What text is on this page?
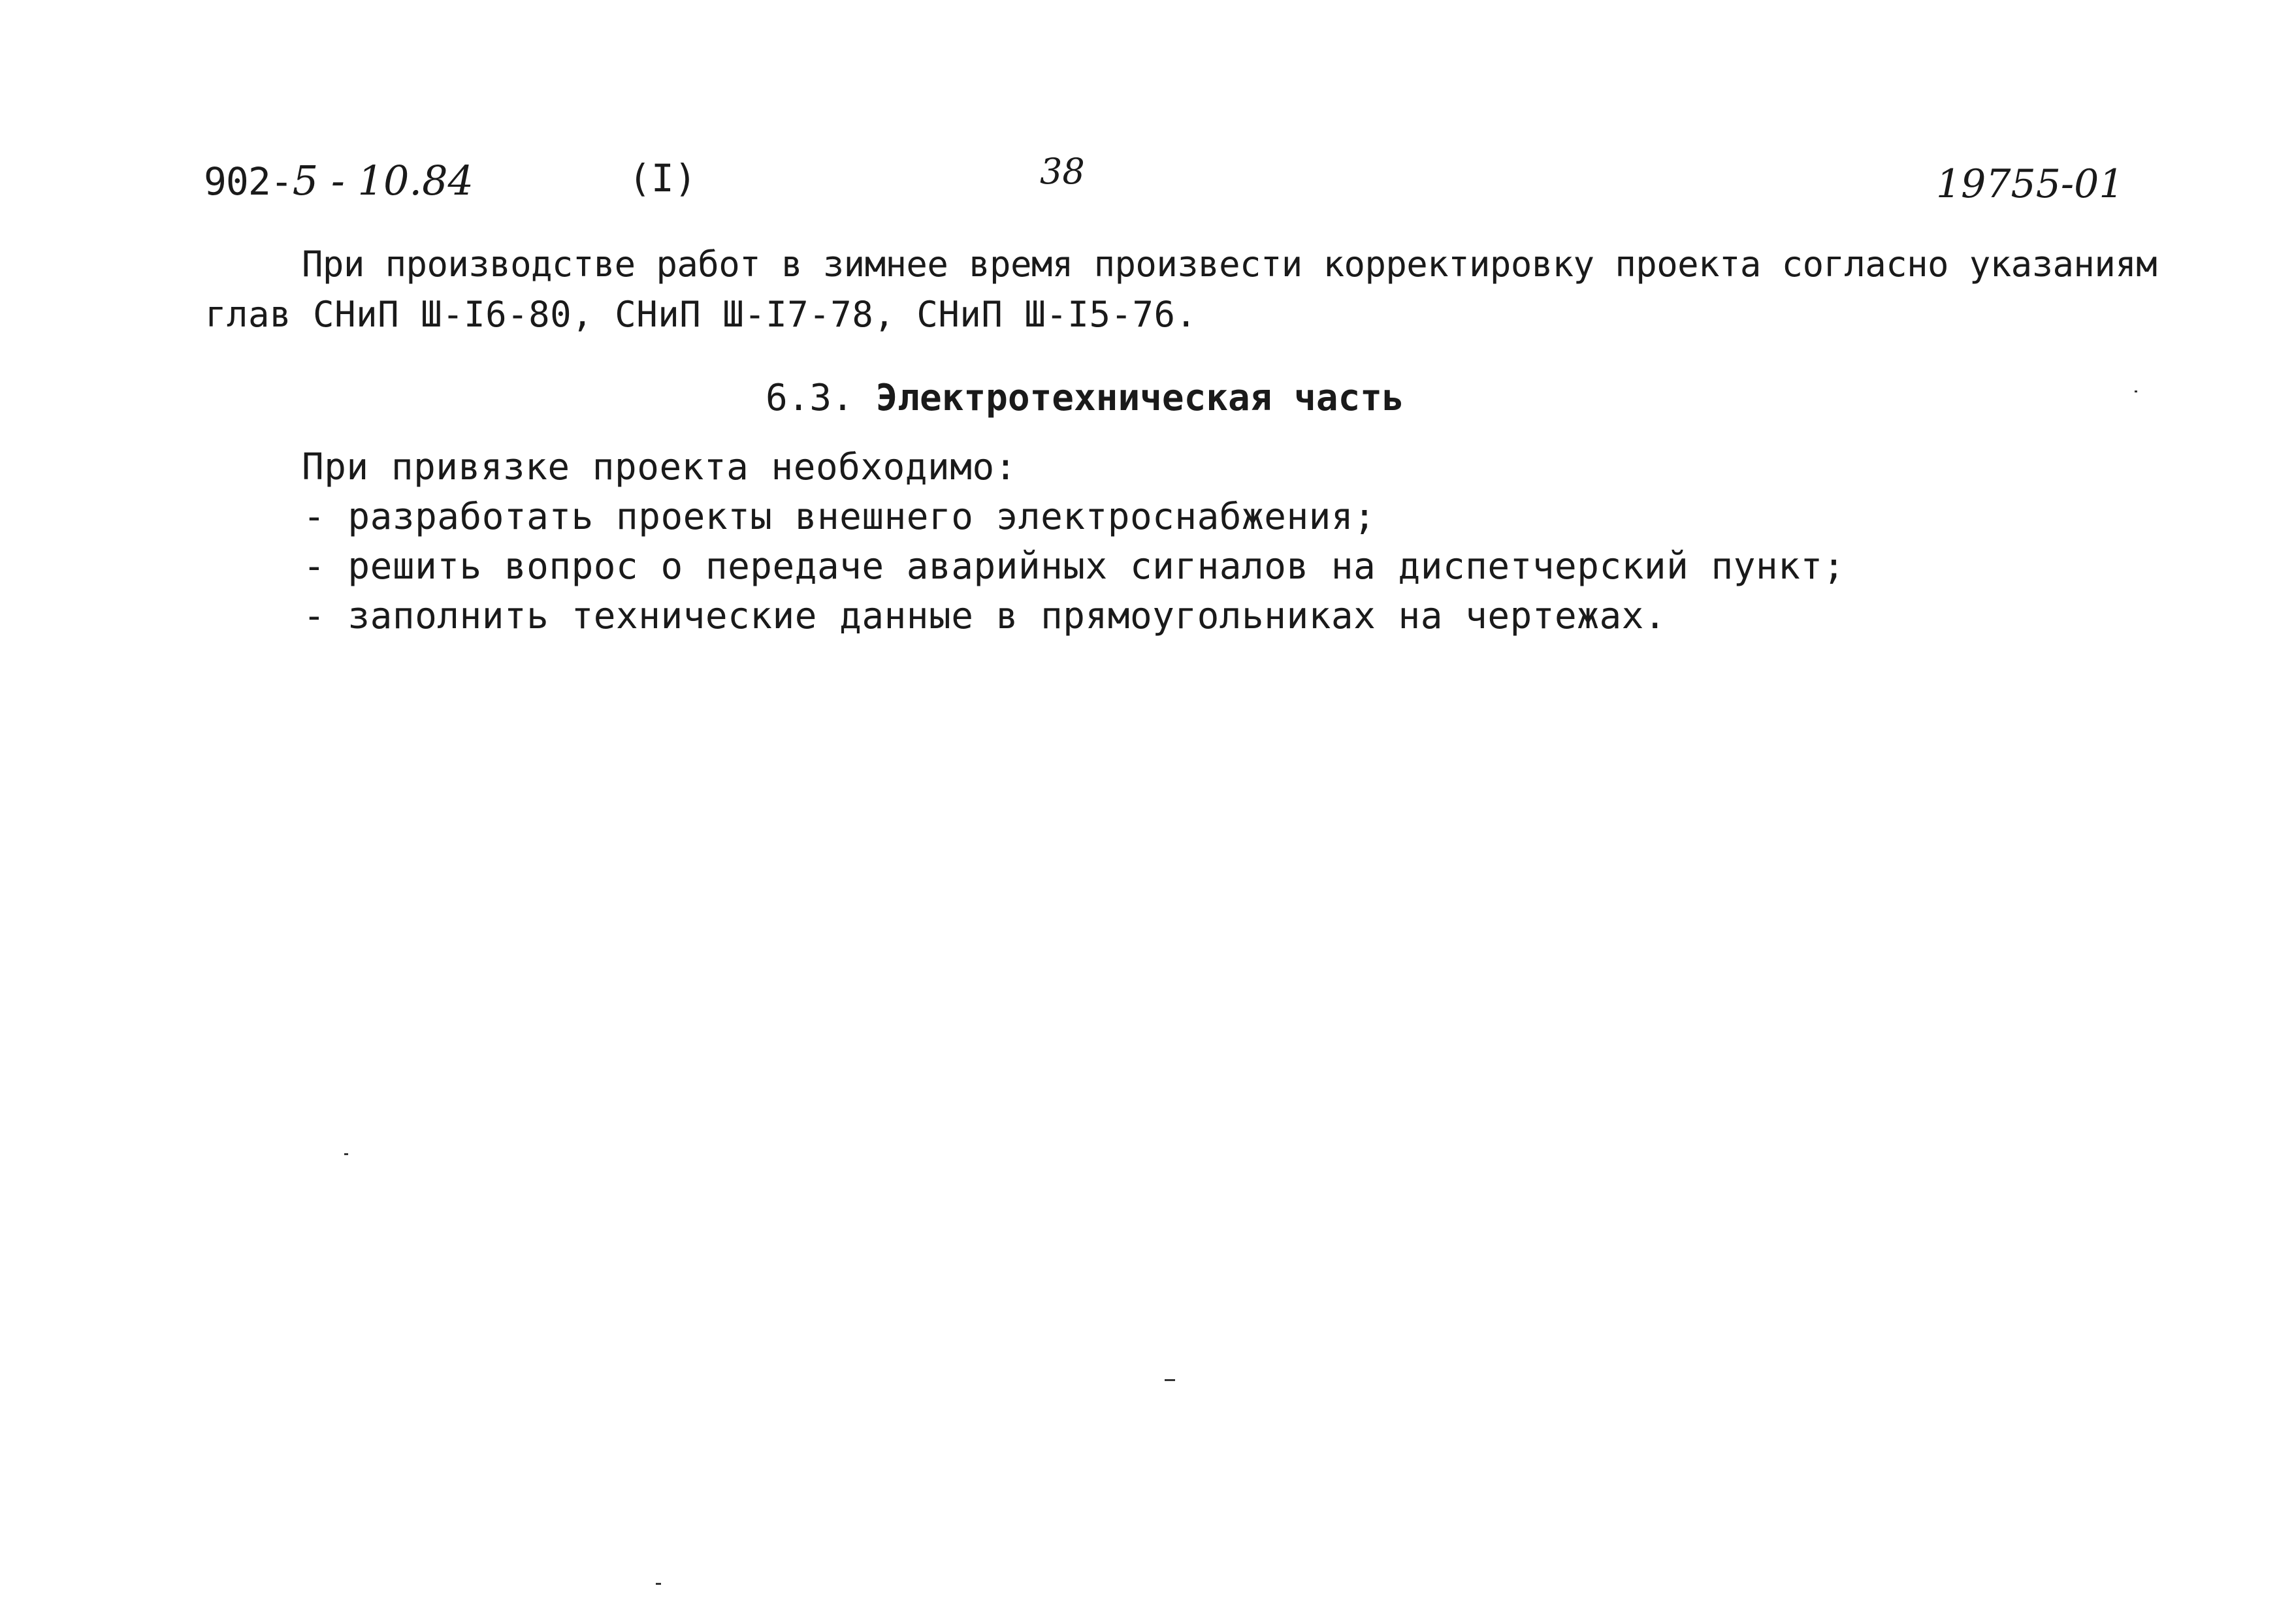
902-5 - 10.84	(I)	38	19755-01
При производстве работ в зимнее время произвести корректировку проекта согласно указаниям
глав СНиП Ш-I6-80, СНиП Ш-I7-78, СНиП Ш-I5-76.
6.3. Электротехническая часть
При привязке проекта необходимо:
- разработать проекты внешнего электроснабжения;
- решить вопрос о передаче аварийных сигналов на диспетчерский пункт;
- заполнить технические данные в прямоугольниках на чертежах.
